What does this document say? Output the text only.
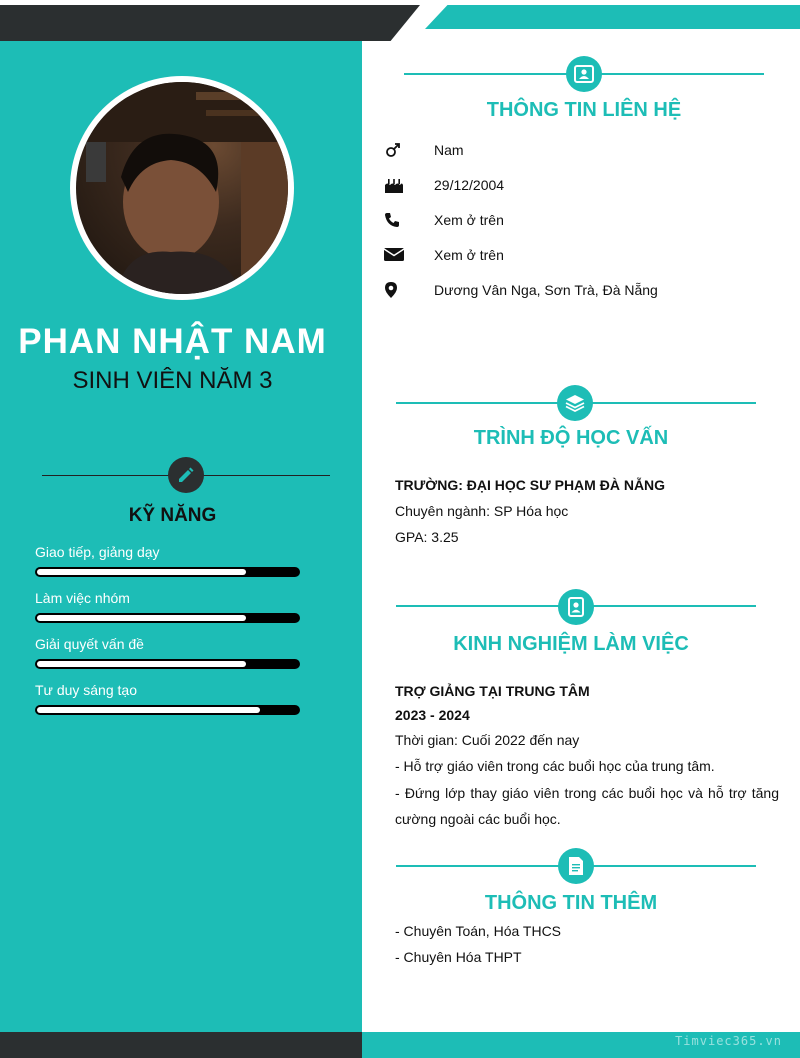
Timviec365.vn
PHAN NHẬT NAM
SINH VIÊN NĂM 3
KỸ NĂNG
Giao tiếp, giảng dạy
Làm việc nhóm
Giải quyết vấn đề
Tư duy sáng tạo
THÔNG TIN LIÊN HỆ
Nam
29/12/2004
Xem ở trên
Xem ở trên
Dương Vân Nga, Sơn Trà, Đà Nẵng
TRÌNH ĐỘ HỌC VẤN
TRƯỜNG: ĐẠI HỌC SƯ PHẠM ĐÀ NẴNG
Chuyên ngành: SP Hóa học
GPA: 3.25
KINH NGHIỆM LÀM VIỆC
TRỢ GIẢNG TẠI TRUNG TÂM
2023 - 2024
Thời gian: Cuối 2022 đến nay
- Hỗ trợ giáo viên trong các buổi học của trung tâm.
- Đứng lớp thay giáo viên trong các buổi học và hỗ trợ tăng cường ngoài các buổi học.
THÔNG TIN THÊM
- Chuyên Toán, Hóa THCS
- Chuyên Hóa THPT
